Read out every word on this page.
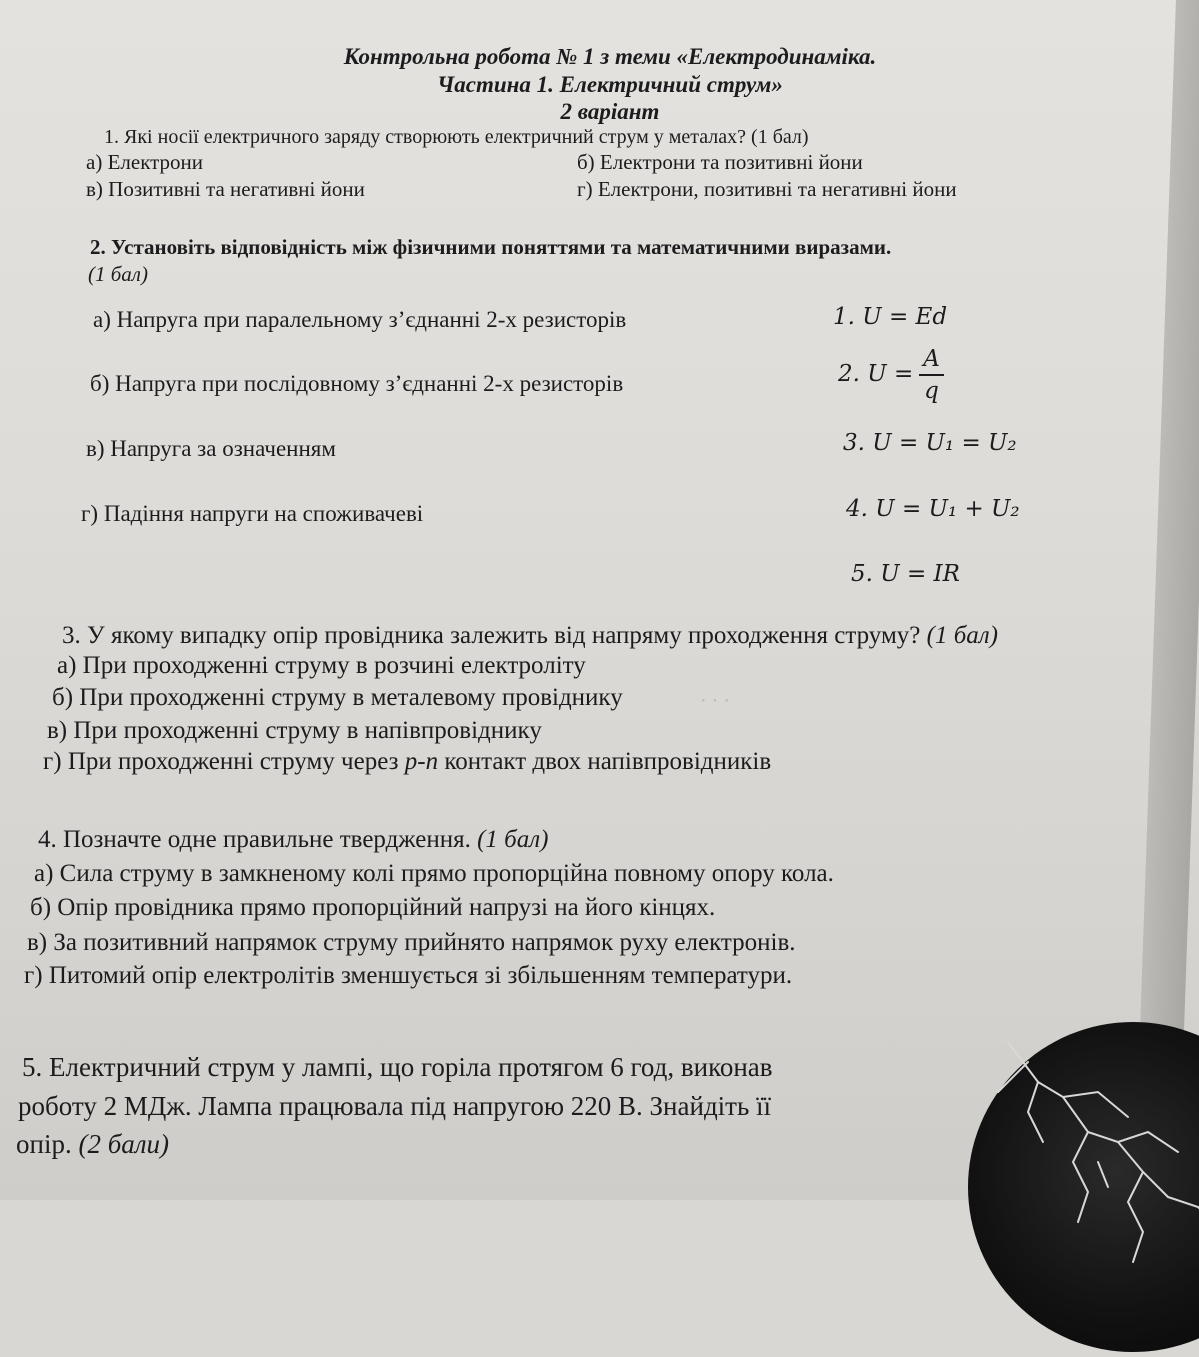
Контрольна робота № 1 з теми «Електродинаміка.
Частина 1. Електричний струм»
2 варіант
1. Які носії електричного заряду створюють електричний струм у металах? (1 бал)
а) Електрони	б) Електрони та позитивні йони
в) Позитивні та негативні йони	г) Електрони, позитивні та негативні йони
2. Установіть відповідність між фізичними поняттями та математичними виразами.
(1 бал)
а) Напруга при паралельному з’єднанні 2-х резисторів
б) Напруга при послідовному з’єднанні 2-х резисторів
в) Напруга за означенням
г) Падіння напруги на споживачеві
1. U = Ed
2. $U = \frac{A}{q}$
3. U = U₁ = U₂
4. U = U₁ + U₂
5. U = IR
· · ·
3. У якому випадку опір провідника залежить від напряму проходження струму? (1 бал)
а) При проходженні струму в розчині електроліту
б) При проходженні струму в металевому провіднику
в) При проходженні струму в напівпровіднику
г) При проходженні струму через p-n контакт двох напівпровідників
4. Позначте одне правильне твердження. (1 бал)
а) Сила струму в замкненому колі прямо пропорційна повному опору кола.
б) Опір провідника прямо пропорційний напрузі на його кінцях.
в) За позитивний напрямок струму прийнято напрямок руху електронів.
г) Питомий опір електролітів зменшується зі збільшенням температури.
5. Електричний струм у лампі, що горіла протягом 6 год, виконав
роботу 2 МДж. Лампа працювала під напругою 220 В. Знайдіть її
опір. (2 бали)
